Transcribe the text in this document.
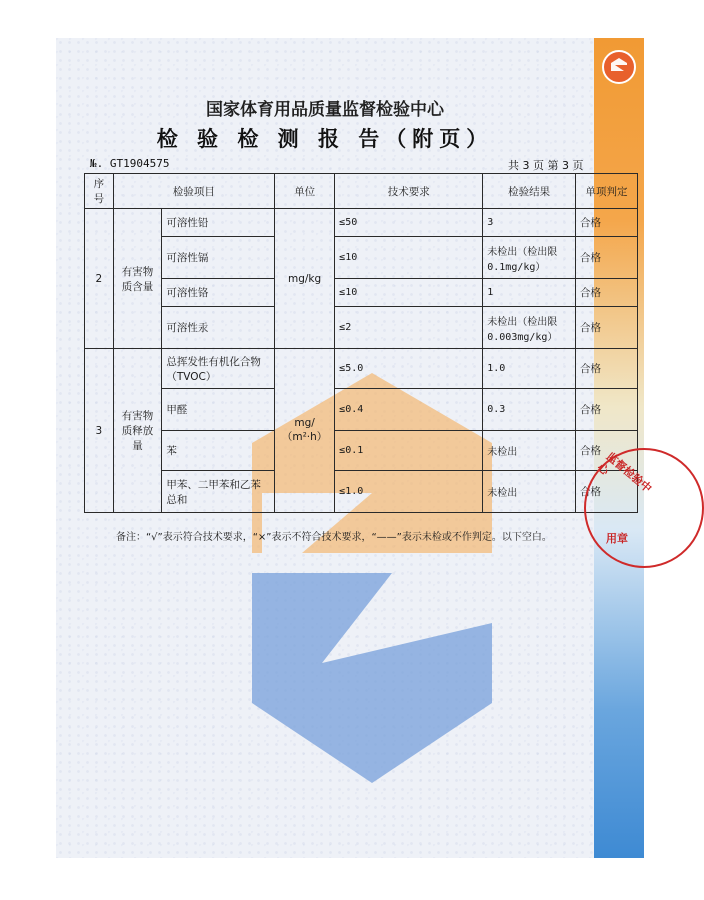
国家体育用品质量监督检验中心
检 验 检 测 报 告（附页）
№. GT1904575	共 3 页 第 3 页
序号	检验项目		单位	技术要求	检验结果	单项判定
2	有害物质含量	可溶性铅	mg/kg	≤50	3	合格
		可溶性镉		≤10	未检出（检出限0.1mg/kg）	合格
		可溶性铬		≤10	1	合格
		可溶性汞		≤2	未检出（检出限0.003mg/kg）	合格
3	有害物质释放量	总挥发性有机化合物（TVOC）	mg/（m²·h）	≤5.0	1.0	合格
		甲醛		≤0.4	0.3	合格
		苯		≤0.1	未检出	合格
		甲苯、二甲苯和乙苯总和		≤1.0	未检出	合格
备注：“√”表示符合技术要求，“×”表示不符合技术要求，“——”表示未检或不作判定。以下空白。
监督检验中心
用章
